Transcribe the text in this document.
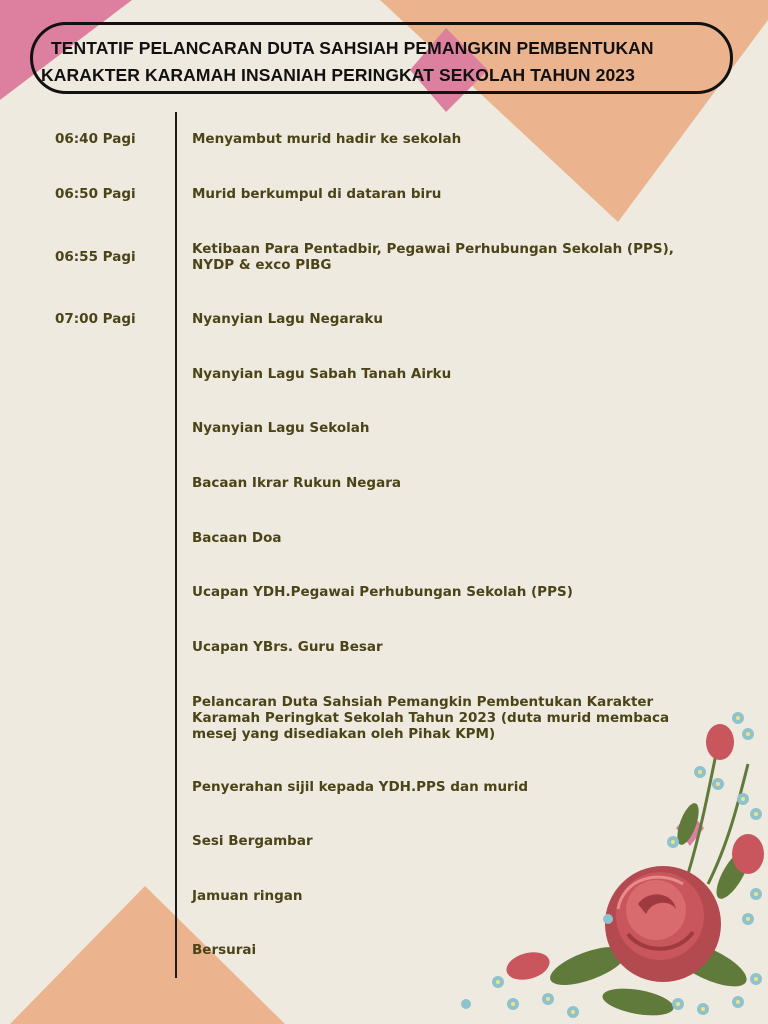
TENTATIF PELANCARAN DUTA SAHSIAH PEMANGKIN PEMBENTUKAN
KARAKTER KARAMAH INSANIAH PERINGKAT SEKOLAH TAHUN 2023
06:40 Pagi	Menyambut murid hadir ke sekolah
06:50 Pagi	Murid berkumpul di dataran biru
06:55 Pagi	Ketibaan Para Pentadbir, Pegawai Perhubungan Sekolah (PPS),
NYDP & exco PIBG
07:00 Pagi	Nyanyian Lagu Negaraku
Nyanyian Lagu Sabah Tanah Airku
Nyanyian Lagu Sekolah
Bacaan Ikrar Rukun Negara
Bacaan Doa
Ucapan YDH.Pegawai Perhubungan Sekolah (PPS)
Ucapan YBrs. Guru Besar
Pelancaran Duta Sahsiah Pemangkin Pembentukan Karakter
Karamah Peringkat Sekolah Tahun 2023 (duta murid membaca
mesej yang disediakan oleh Pihak KPM)
Penyerahan sijil kepada YDH.PPS dan murid
Sesi Bergambar
Jamuan ringan
Bersurai
